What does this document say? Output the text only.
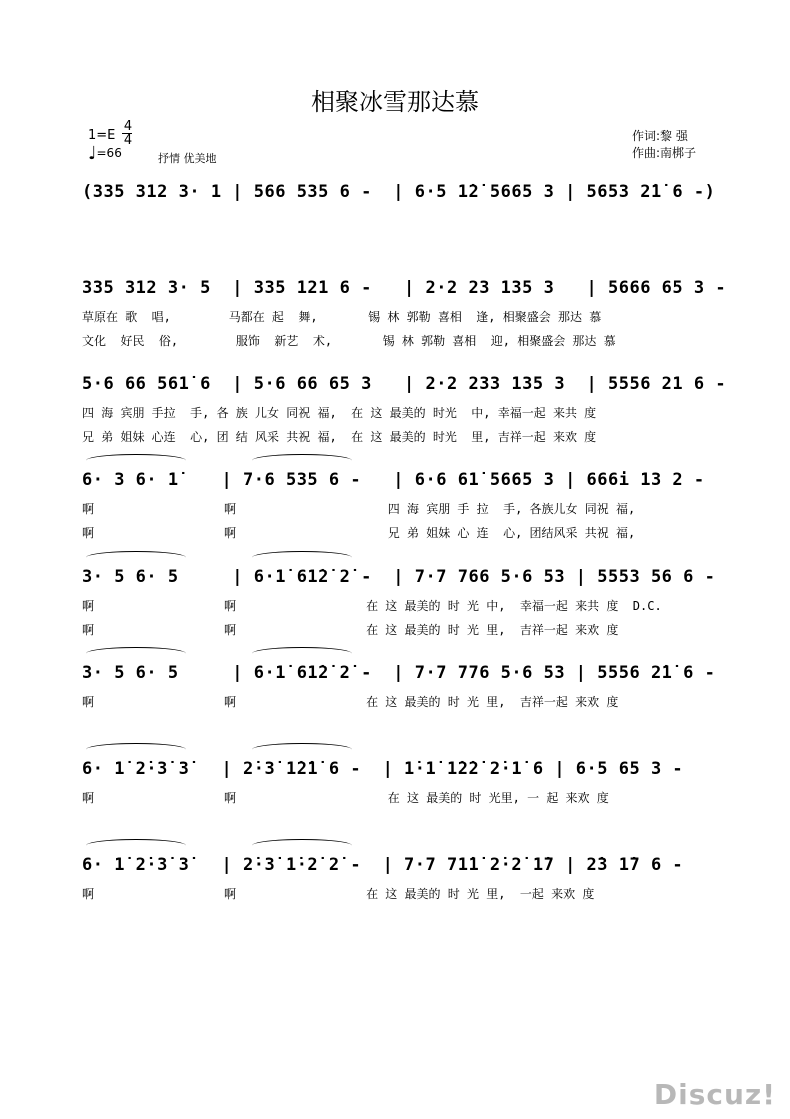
相聚冰雪那达慕
1=E
4
4
♩=66	抒情 优美地
作词:黎 强
作曲:南梆子
(335 312 3· 1 | 566 535 6 -  | 6·5 1̇2̇ 5665 3 | 5653 2̇1̇ 6 -)
335 312 3· 5  | 335 121 6 -   | 2·2 23 135 3   | 5666 65 3 -
草原在 歌  唱,        马都在 起  舞,       锡 林 郭勒 喜相  逢, 相聚盛会 那达 慕
文化  好民  俗,        服饰  新艺  术,       锡 林 郭勒 喜相  迎, 相聚盛会 那达 慕
5·6 66 561̇ 6  | 5·6 66 65 3   | 2·2 233 135 3  | 5556 21 6 -
四 海 宾朋 手拉  手, 各 族 儿女 同祝 福,  在 这 最美的 时光  中, 幸福一起 来共 度
兄 弟 姐妹 心连  心, 团 结 风采 共祝 福,  在 这 最美的 时光  里, 吉祥一起 来欢 度
6· 3 6· 1̇    | 7·6 535 6 -   | 6·6 61̇ 5665 3 | 666i 13 2 -
啊                  啊                     四 海 宾朋 手 拉  手, 各族儿女 同祝 福,
啊                  啊                     兄 弟 姐妹 心 连  心, 团结风采 共祝 福,
3· 5 6· 5     | 6·1̇ 61̇2̇ 2̇ -  | 7·7 766 5·6 53 | 5553 56 6 -
啊                  啊                  在 这 最美的 时 光 中,  幸福一起 来共 度  D.C.
啊                  啊                  在 这 最美的 时 光 里,  吉祥一起 来欢 度
3· 5 6· 5     | 6·1̇ 61̇2̇ 2̇ -  | 7·7 776 5·6 53 | 5556 2̇1̇ 6 -
啊                  啊                  在 这 最美的 时 光 里,  吉祥一起 来欢 度
6· 1̇ 2̇·3̇ 3̇   | 2̇·3̇ 1̇2̇1̇ 6 -  | 1̇·1̇ 1̇2̇2̇ 2̇·1̇ 6 | 6·5 65 3 -
啊                  啊                     在 这 最美的 时 光里, 一 起 来欢 度
6· 1̇ 2̇·3̇ 3̇   | 2̇·3̇ 1̇·2̇ 2̇ -  | 7·7 71̇1̇ 2̇·2̇ 1̇7 | 2̇3 1̇7 6 -
啊                  啊                  在 这 最美的 时 光 里,  一起 来欢 度
Discuz!
